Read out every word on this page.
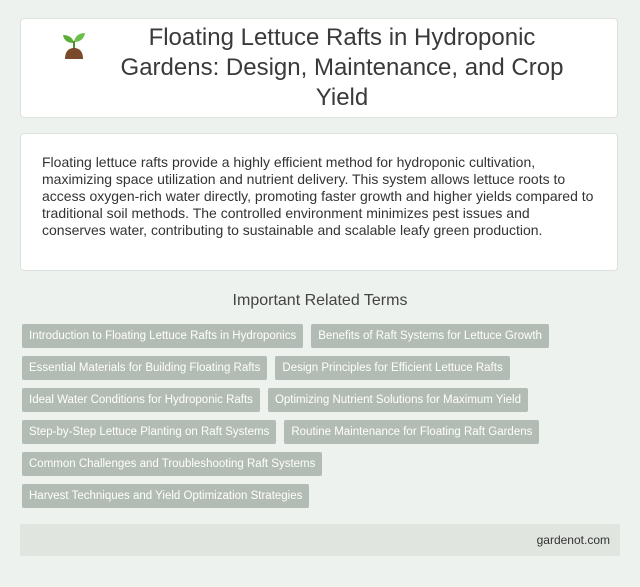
Floating Lettuce Rafts in Hydroponic Gardens: Design, Maintenance, and Crop Yield

Floating lettuce rafts provide a highly efficient method for hydroponic cultivation, maximizing space utilization and nutrient delivery. This system allows lettuce roots to access oxygen-rich water directly, promoting faster growth and higher yields compared to traditional soil methods. The controlled environment minimizes pest issues and conserves water, contributing to sustainable and scalable leafy green production.

Important Related Terms
Introduction to Floating Lettuce Rafts in Hydroponics	Benefits of Raft Systems for Lettuce Growth
Essential Materials for Building Floating Rafts	Design Principles for Efficient Lettuce Rafts
Ideal Water Conditions for Hydroponic Rafts	Optimizing Nutrient Solutions for Maximum Yield
Step-by-Step Lettuce Planting on Raft Systems	Routine Maintenance for Floating Raft Gardens
Common Challenges and Troubleshooting Raft Systems
Harvest Techniques and Yield Optimization Strategies
gardenot.com
